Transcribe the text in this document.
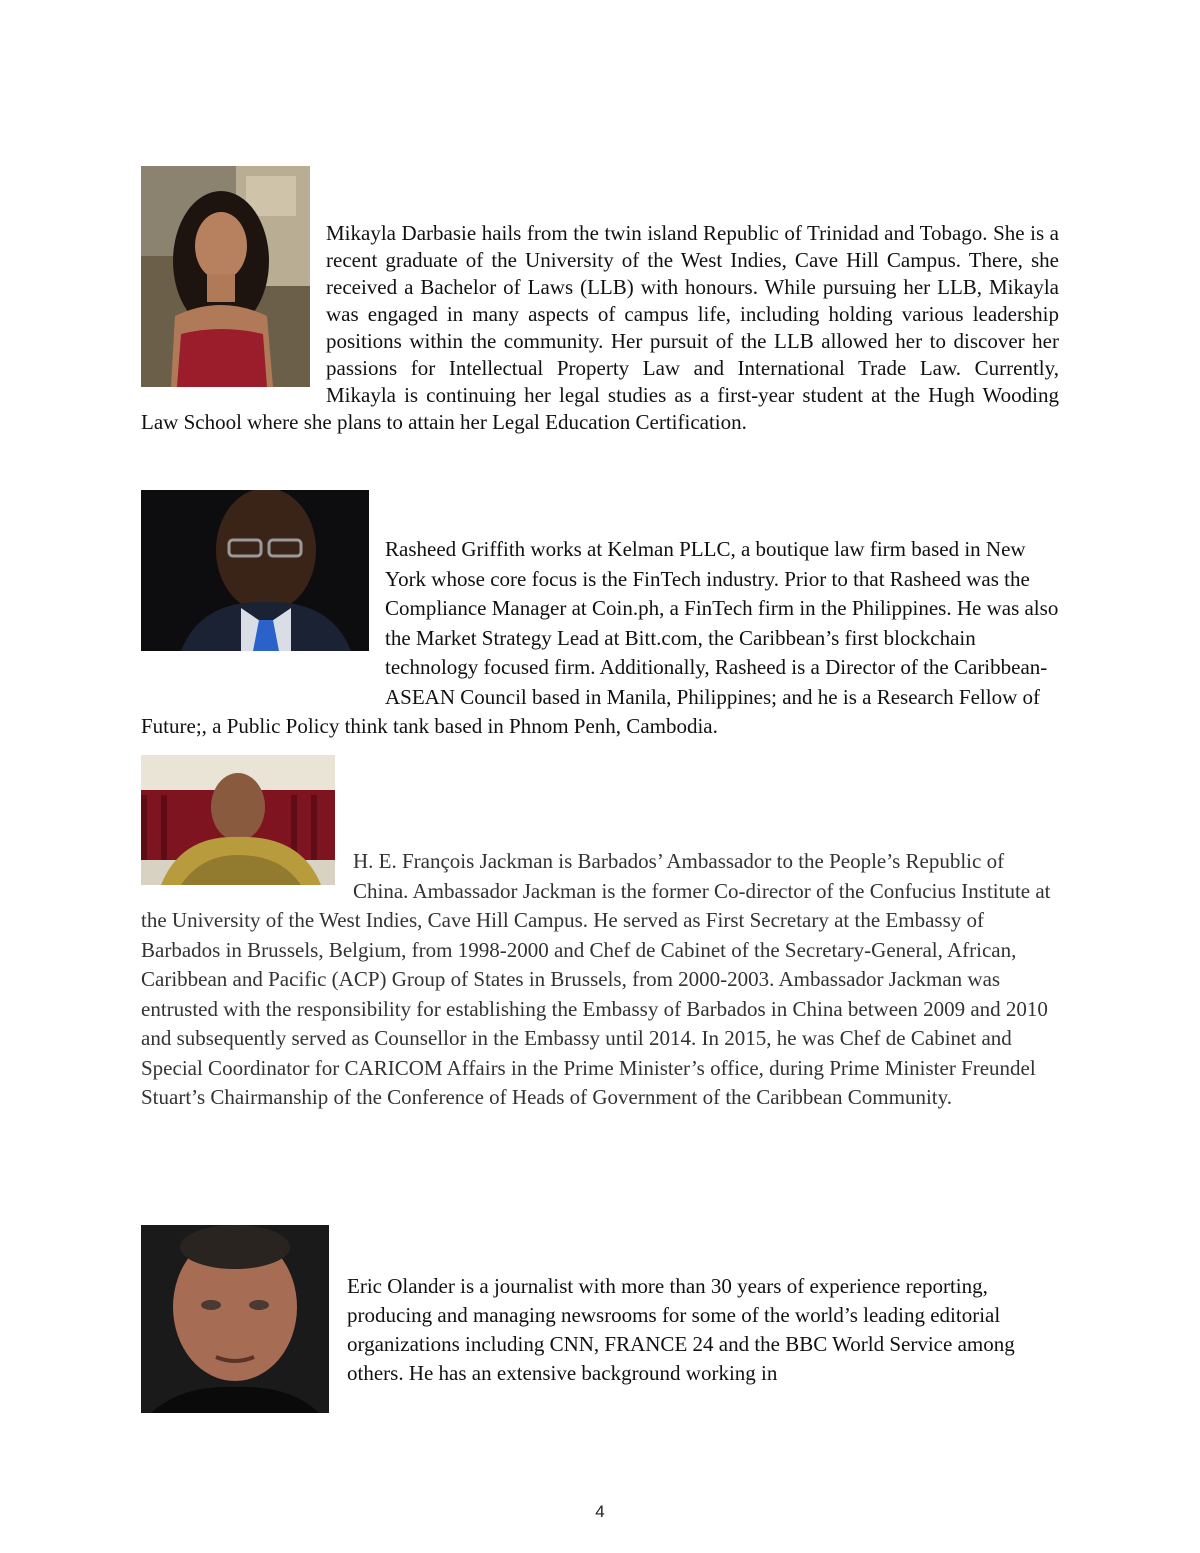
Mikayla Darbasie hails from the twin island Republic of Trinidad and Tobago. She is a recent graduate of the University of the West Indies, Cave Hill Campus. There, she received a Bachelor of Laws (LLB) with honours. While pursuing her LLB, Mikayla was engaged in many aspects of campus life, including holding various leadership positions within the community. Her pursuit of the LLB allowed her to discover her passions for Intellectual Property Law and International Trade Law. Currently, Mikayla is continuing her legal studies as a first-year student at the Hugh Wooding Law School where she plans to attain her Legal Education Certification.
Rasheed Griffith works at Kelman PLLC, a boutique law firm based in New York whose core focus is the FinTech industry. Prior to that Rasheed was the Compliance Manager at Coin.ph, a FinTech firm in the Philippines. He was also the Market Strategy Lead at Bitt.com, the Caribbean’s first blockchain technology focused firm. Additionally, Rasheed is a Director of the Caribbean-ASEAN Council based in Manila, Philippines; and he is a Research Fellow of Future;, a Public Policy think tank based in Phnom Penh, Cambodia.
H. E. François Jackman is Barbados’ Ambassador to the People’s Republic of China. Ambassador Jackman is the former Co-director of the Confucius Institute at the University of the West Indies, Cave Hill Campus. He served as First Secretary at the Embassy of Barbados in Brussels, Belgium, from 1998-2000 and Chef de Cabinet of the Secretary-General, African, Caribbean and Pacific (ACP) Group of States in Brussels, from 2000-2003. Ambassador Jackman was entrusted with the responsibility for establishing the Embassy of Barbados in China between 2009 and 2010 and subsequently served as Counsellor in the Embassy until 2014. In 2015, he was Chef de Cabinet and Special Coordinator for CARICOM Affairs in the Prime Minister’s office, during Prime Minister Freundel Stuart’s Chairmanship of the Conference of Heads of Government of the Caribbean Community.
Eric Olander is a journalist with more than 30 years of experience reporting, producing and managing newsrooms for some of the world’s leading editorial organizations including CNN, FRANCE 24 and the BBC World Service among others. He has an extensive background working in
4
